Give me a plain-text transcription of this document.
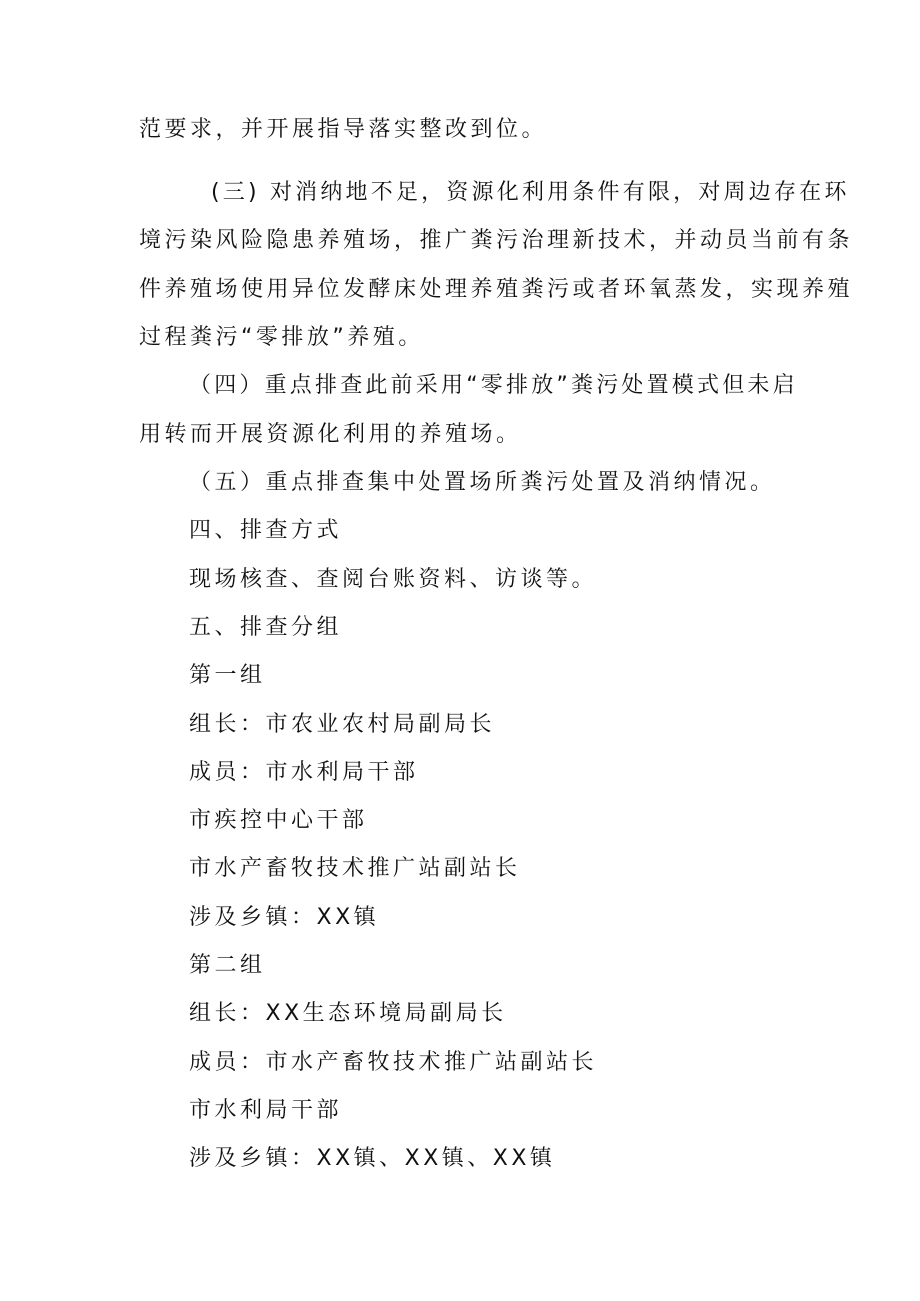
范要求，并开展指导落实整改到位。
(三) 对消纳地不足，资源化利用条件有限，对周边存在环
境污染风险隐患养殖场，推广粪污治理新技术，并动员当前有条
件养殖场使用异位发酵床处理养殖粪污或者环氧蒸发，实现养殖
过程粪污“零排放”养殖。
（四）重点排查此前采用“零排放”粪污处置模式但未启
用转而开展资源化利用的养殖场。
（五）重点排查集中处置场所粪污处置及消纳情况。
四、排查方式
现场核查、查阅台账资料、访谈等。
五、排查分组
第一组
组长：市农业农村局副局长
成员：市水利局干部
市疾控中心干部
市水产畜牧技术推广站副站长
涉及乡镇：XX镇
第二组
组长：XX生态环境局副局长
成员：市水产畜牧技术推广站副站长
市水利局干部
涉及乡镇：XX镇、XX镇、XX镇
